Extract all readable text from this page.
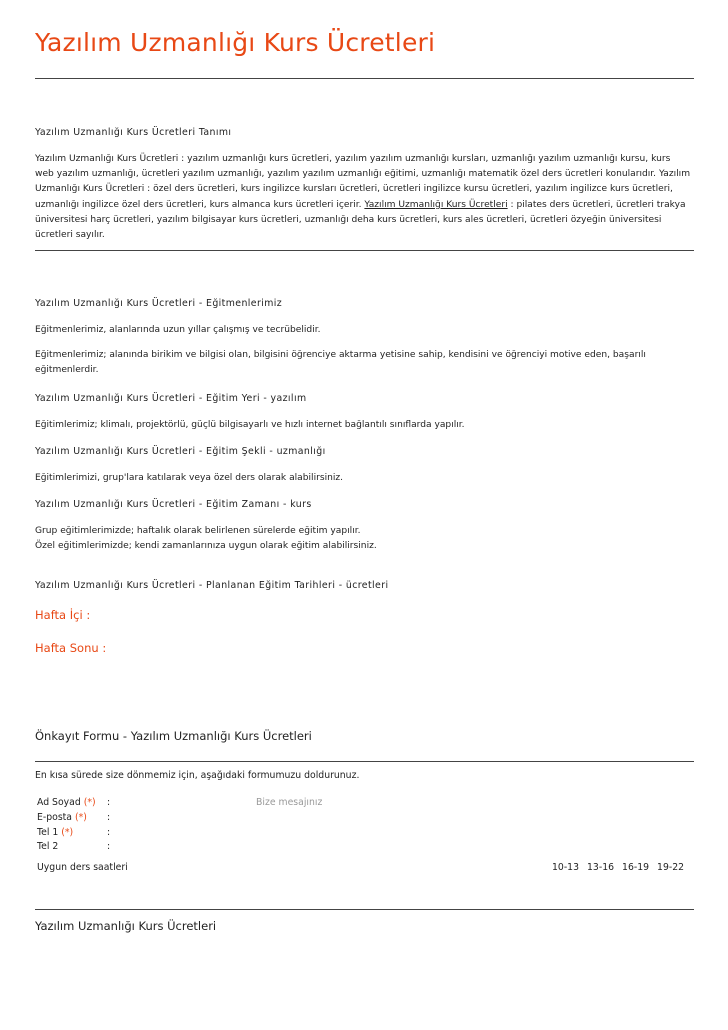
Yazılım Uzmanlığı Kurs Ücretleri
Yazılım Uzmanlığı Kurs Ücretleri Tanımı
Yazılım Uzmanlığı Kurs Ücretleri : yazılım uzmanlığı kurs ücretleri, yazılım yazılım uzmanlığı kursları, uzmanlığı yazılım uzmanlığı kursu, kurs web yazılım uzmanlığı, ücretleri yazılım uzmanlığı, yazılım yazılım uzmanlığı eğitimi, uzmanlığı matematik özel ders ücretleri konularıdır. Yazılım Uzmanlığı Kurs Ücretleri : özel ders ücretleri, kurs ingilizce kursları ücretleri, ücretleri ingilizce kursu ücretleri, yazılım ingilizce kurs ücretleri, uzmanlığı ingilizce özel ders ücretleri, kurs almanca kurs ücretleri içerir. Yazılım Uzmanlığı Kurs Ücretleri : pilates ders ücretleri, ücretleri trakya üniversitesi harç ücretleri, yazılım bilgisayar kurs ücretleri, uzmanlığı deha kurs ücretleri, kurs ales ücretleri, ücretleri özyeğin üniversitesi ücretleri sayılır.
Yazılım Uzmanlığı Kurs Ücretleri - Eğitmenlerimiz
Eğitmenlerimiz, alanlarında uzun yıllar çalışmış ve tecrübelidir.
Eğitmenlerimiz; alanında birikim ve bilgisi olan, bilgisini öğrenciye aktarma yetisine sahip, kendisini ve öğrenciyi motive eden, başarılı eğitmenlerdir.
Yazılım Uzmanlığı Kurs Ücretleri - Eğitim Yeri - yazılım
Eğitimlerimiz; klimalı, projektörlü, güçlü bilgisayarlı ve hızlı internet bağlantılı sınıflarda yapılır.
Yazılım Uzmanlığı Kurs Ücretleri - Eğitim Şekli - uzmanlığı
Eğitimlerimizi, grup'lara katılarak veya özel ders olarak alabilirsiniz.
Yazılım Uzmanlığı Kurs Ücretleri - Eğitim Zamanı - kurs
Grup eğitimlerimizde; haftalık olarak belirlenen sürelerde eğitim yapılır.
Özel eğitimlerimizde; kendi zamanlarınıza uygun olarak eğitim alabilirsiniz.
Yazılım Uzmanlığı Kurs Ücretleri - Planlanan Eğitim Tarihleri - ücretleri
Hafta İçi :
Hafta Sonu :
Önkayıt Formu - Yazılım Uzmanlığı Kurs Ücretleri
En kısa sürede size dönmemiz için, aşağıdaki formumuzu doldurunuz.
Ad Soyad (*) :
E-posta (*) :
Tel 1 (*)	:
Tel 2	:
Bize mesajınız
Uygun ders saatleri	10-13 13-16 16-19 19-22
Yazılım Uzmanlığı Kurs Ücretleri
